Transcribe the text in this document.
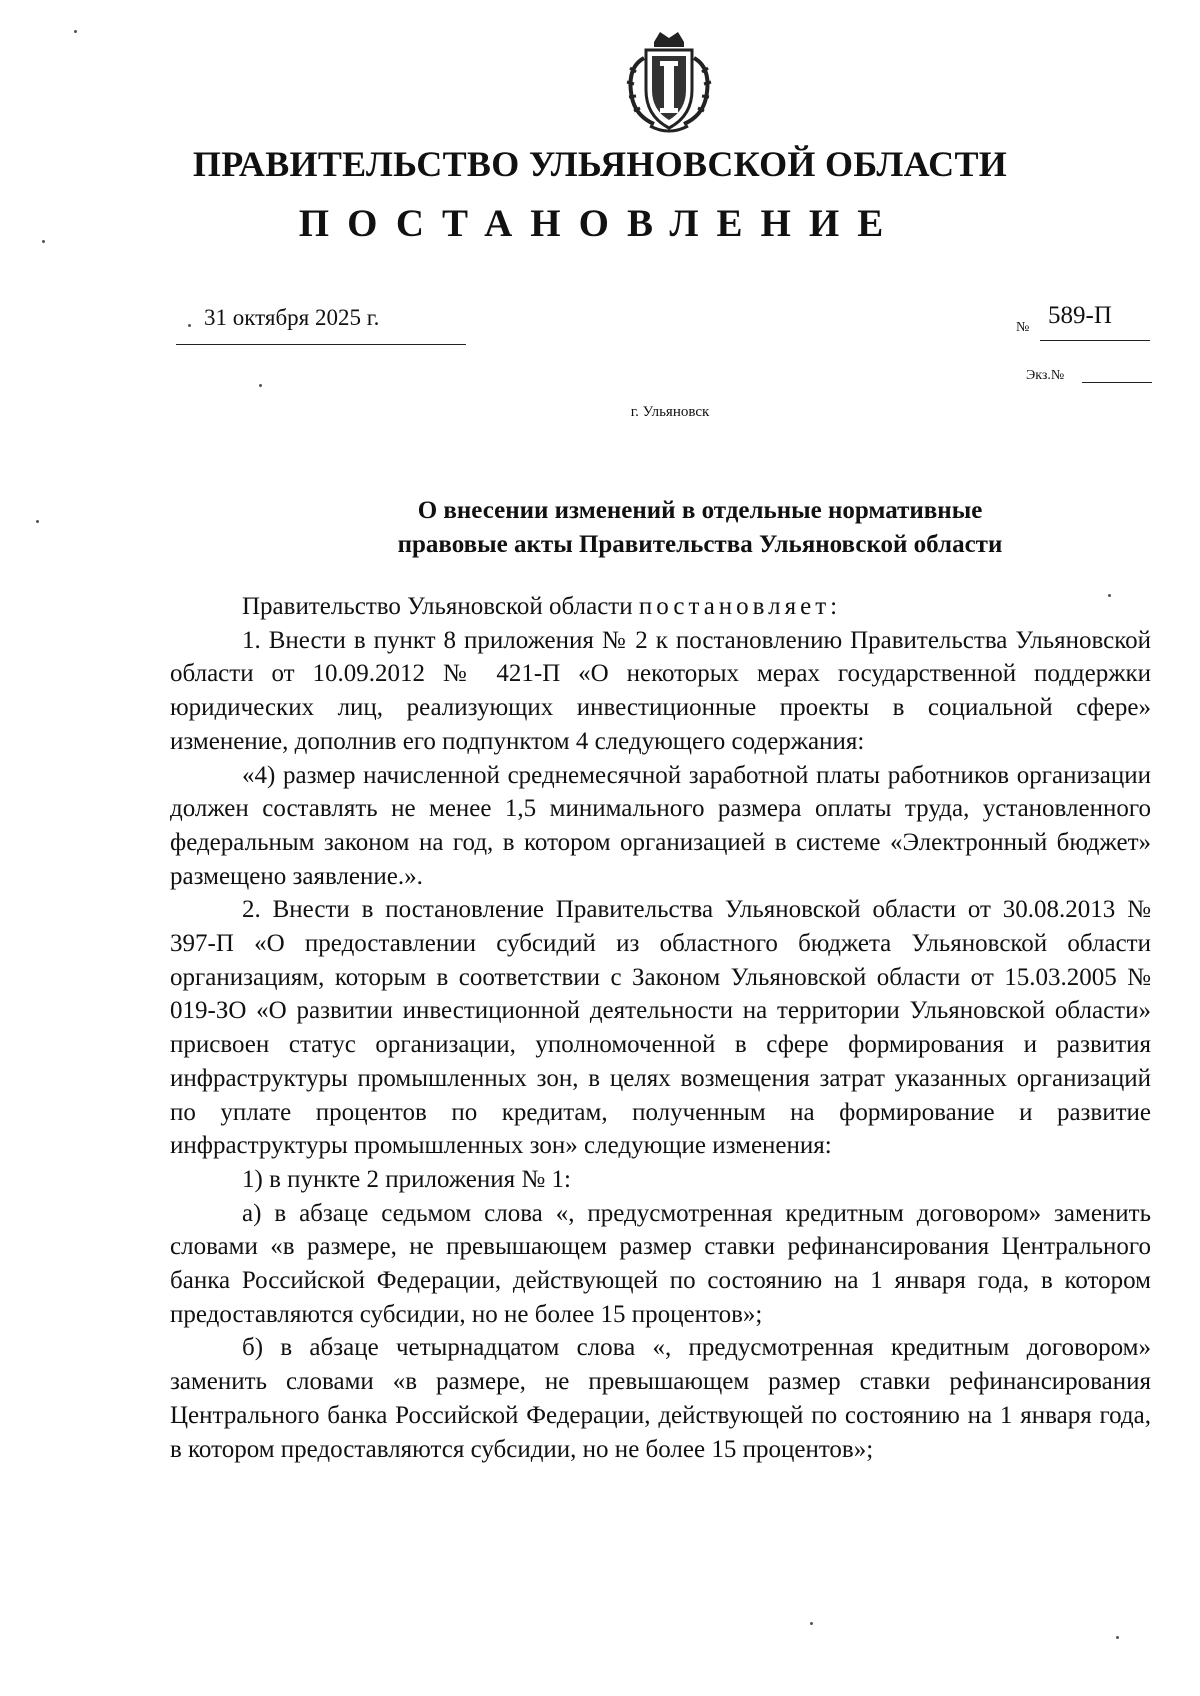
ПРАВИТЕЛЬСТВО УЛЬЯНОВСКОЙ ОБЛАСТИ
ПОСТАНОВЛЕНИЕ
31 октября 2025 г.	№ 589-П
Экз.№
г. Ульяновск
О внесении изменений в отдельные нормативные
правовые акты Правительства Ульяновской области

Правительство Ульяновской области постановляет:

1. Внести в пункт 8 приложения № 2 к постановлению Правительства Ульяновской области от 10.09.2012 № 421-П «О некоторых мерах государственной поддержки юридических лиц, реализующих инвестиционные проекты в социальной сфере» изменение, дополнив его подпунктом 4 следующего содержания:

«4) размер начисленной среднемесячной заработной платы работников организации должен составлять не менее 1,5 минимального размера оплаты труда, установленного федеральным законом на год, в котором организацией в системе «Электронный бюджет» размещено заявление.».

2. Внести в постановление Правительства Ульяновской области от 30.08.2013 № 397-П «О предоставлении субсидий из областного бюджета Ульяновской области организациям, которым в соответствии с Законом Ульяновской области от 15.03.2005 № 019-ЗО «О развитии инвестиционной деятельности на территории Ульяновской области» присвоен статус организации, уполномоченной в сфере формирования и развития инфраструктуры промышленных зон, в целях возмещения затрат указанных организаций по уплате процентов по кредитам, полученным на формирование и развитие инфраструктуры промышленных зон» следующие изменения:

1) в пункте 2 приложения № 1:

а) в абзаце седьмом слова «, предусмотренная кредитным договором» заменить словами «в размере, не превышающем размер ставки рефинансирования Центрального банка Российской Федерации, действующей по состоянию на 1 января года, в котором предоставляются субсидии, но не более 15 процентов»;

б) в абзаце четырнадцатом слова «, предусмотренная кредитным договором» заменить словами «в размере, не превышающем размер ставки рефинансирования Центрального банка Российской Федерации, действующей по состоянию на 1 января года, в котором предоставляются субсидии, но не более 15 процентов»;
